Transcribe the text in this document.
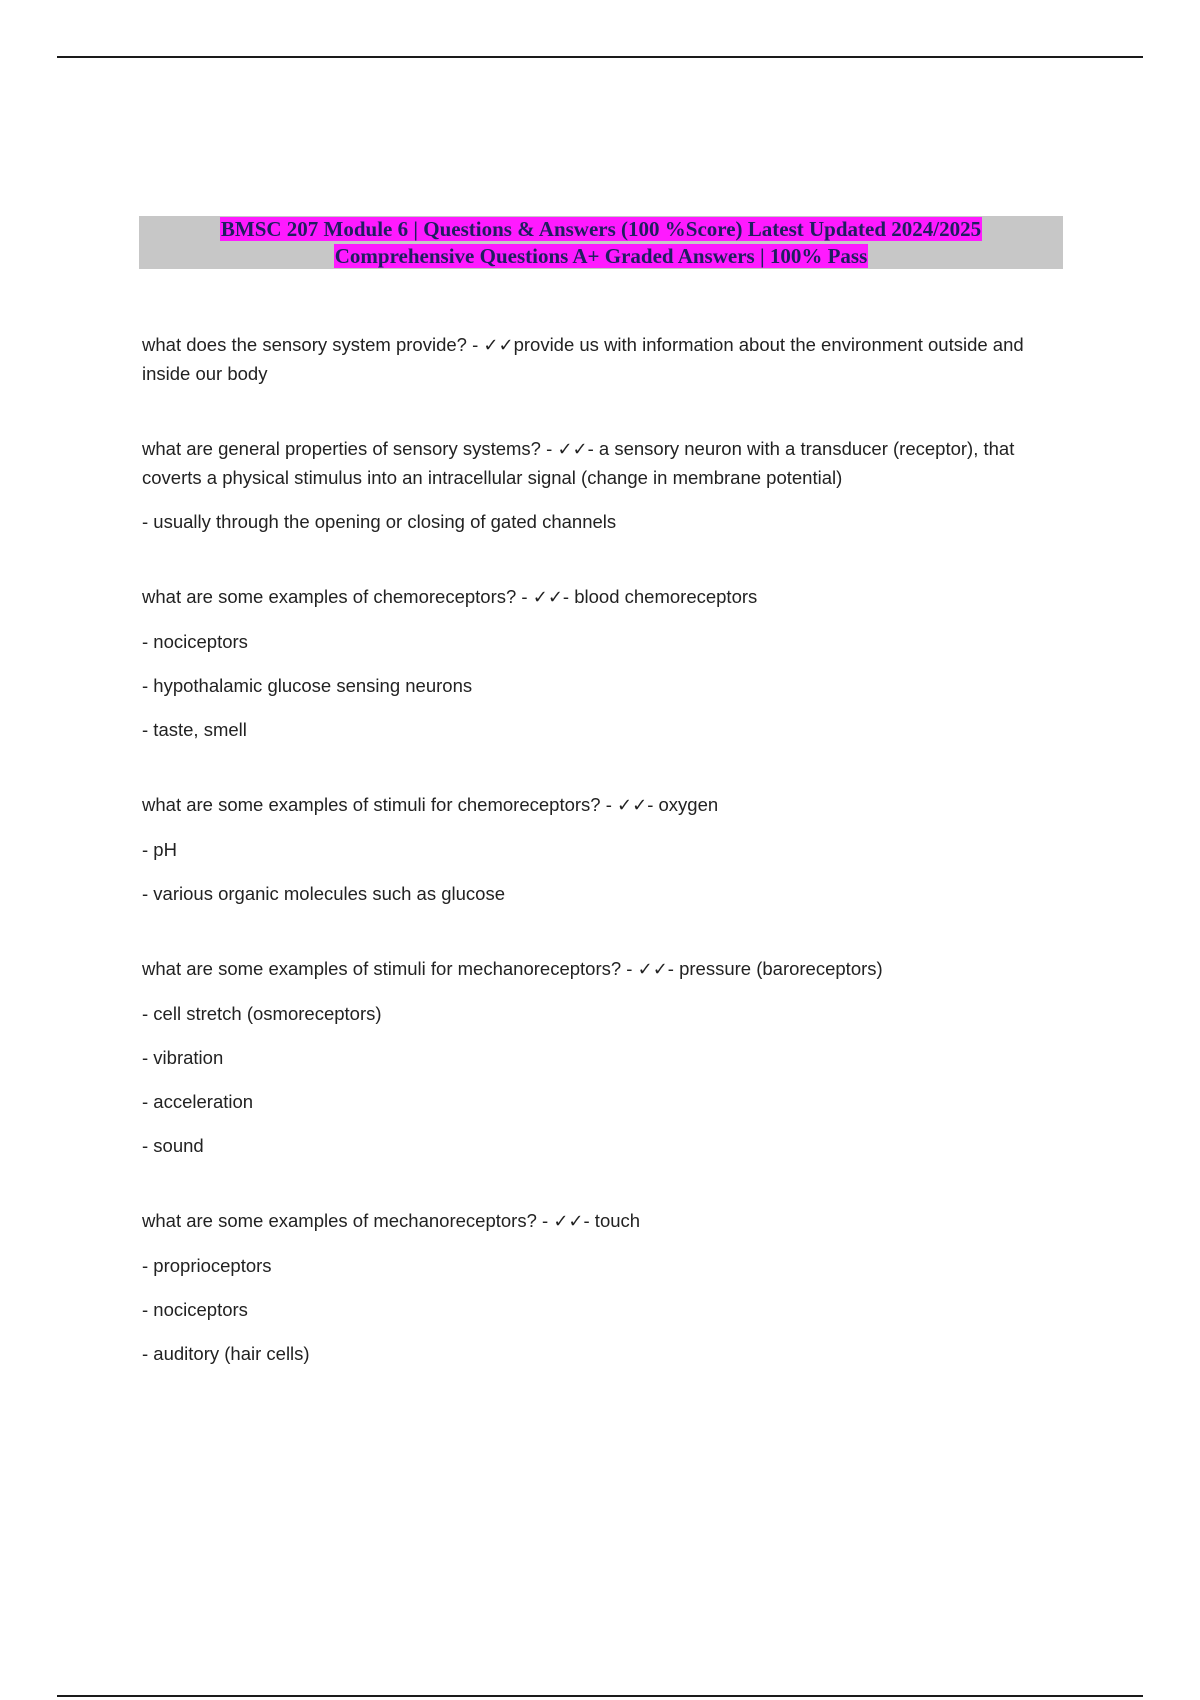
BMSC 207 Module 6 | Questions & Answers (100 %Score) Latest Updated 2024/2025
Comprehensive Questions A+ Graded Answers | 100% Pass

what does the sensory system provide? - ✓✓provide us with information about the environment outside and inside our body

what are general properties of sensory systems? - ✓✓- a sensory neuron with a transducer (receptor), that coverts a physical stimulus into an intracellular signal (change in membrane potential)

- usually through the opening or closing of gated channels

what are some examples of chemoreceptors? - ✓✓- blood chemoreceptors

- nociceptors

- hypothalamic glucose sensing neurons

- taste, smell

what are some examples of stimuli for chemoreceptors? - ✓✓- oxygen

- pH

- various organic molecules such as glucose

what are some examples of stimuli for mechanoreceptors? - ✓✓- pressure (baroreceptors)

- cell stretch (osmoreceptors)

- vibration

- acceleration

- sound

what are some examples of mechanoreceptors? - ✓✓- touch

- proprioceptors

- nociceptors

- auditory (hair cells)
